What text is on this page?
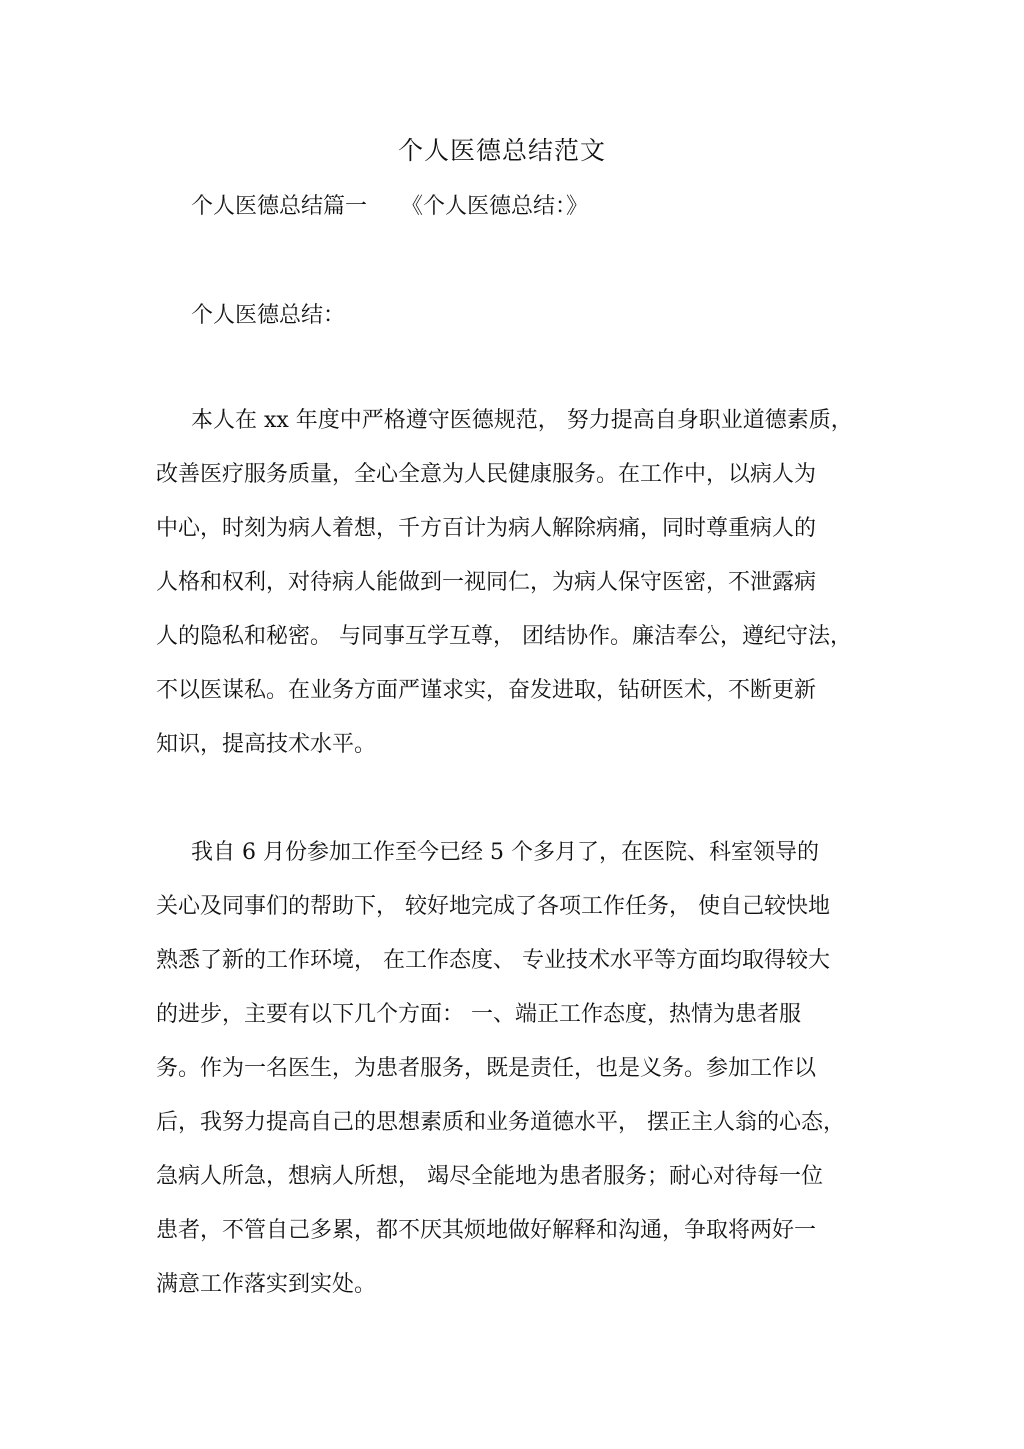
个人医德总结范文
个人医德总结篇一 《个人医德总结：》
个人医德总结：
本人在 xx 年度中严格遵守医德规范， 努力提高自身职业道德素质，
改善医疗服务质量，全心全意为人民健康服务。在工作中，以病人为
中心，时刻为病人着想，千方百计为病人解除病痛，同时尊重病人的
人格和权利，对待病人能做到一视同仁，为病人保守医密，不泄露病
人的隐私和秘密。 与同事互学互尊， 团结协作。廉洁奉公，遵纪守法，
不以医谋私。在业务方面严谨求实，奋发进取，钻研医术，不断更新
知识，提高技术水平。
我自 6 月份参加工作至今已经 5 个多月了，在医院、科室领导的
关心及同事们的帮助下， 较好地完成了各项工作任务， 使自己较快地
熟悉了新的工作环境， 在工作态度、 专业技术水平等方面均取得较大
的进步，主要有以下几个方面： 一、端正工作态度，热情为患者服
务。作为一名医生，为患者服务，既是责任，也是义务。参加工作以
后，我努力提高自己的思想素质和业务道德水平， 摆正主人翁的心态，
急病人所急，想病人所想， 竭尽全能地为患者服务；耐心对待每一位
患者，不管自己多累，都不厌其烦地做好解释和沟通，争取将两好一
满意工作落实到实处。
